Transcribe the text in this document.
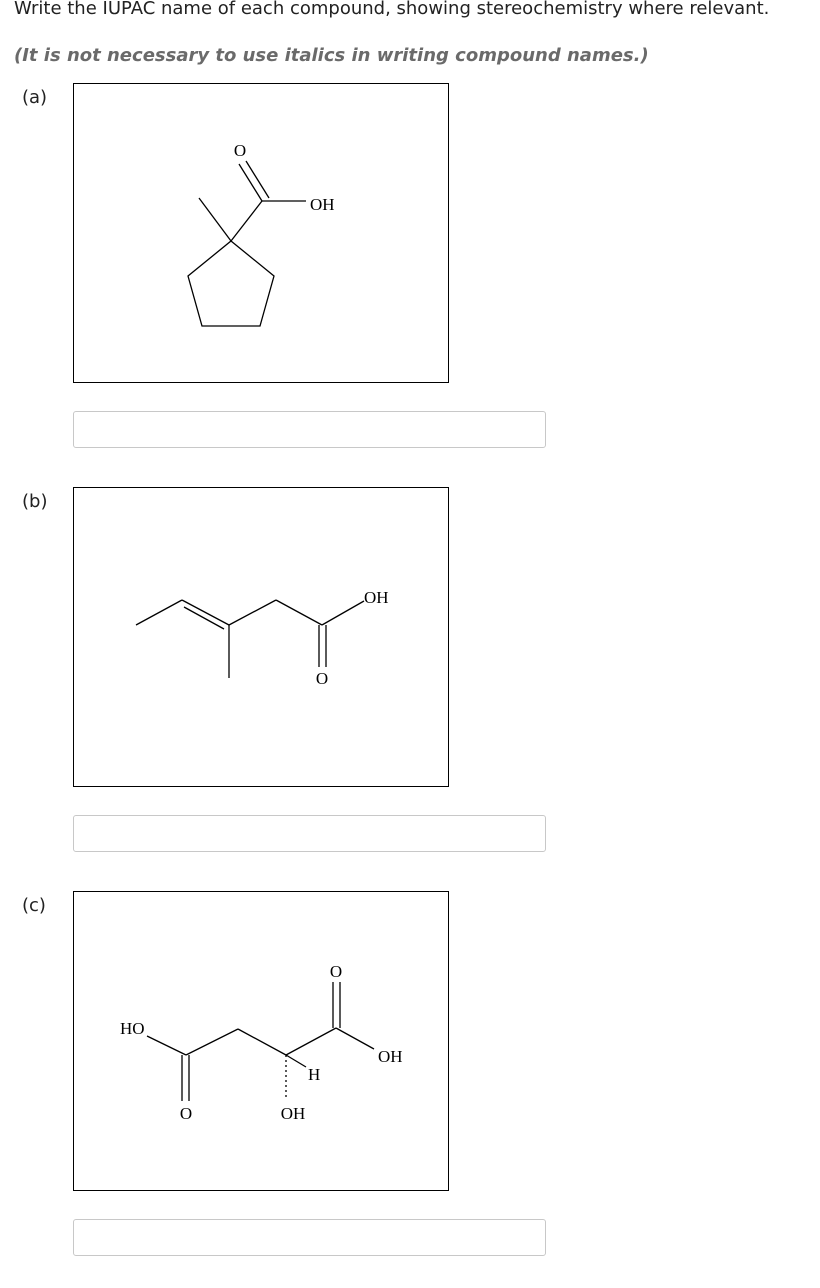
Write the IUPAC name of each compound, showing stereochemistry where relevant.
(It is not necessary to use italics in writing compound names.)
(a)
O
OH
(b)
OH
O
(c)
HO
O	OH
H
O
OH
